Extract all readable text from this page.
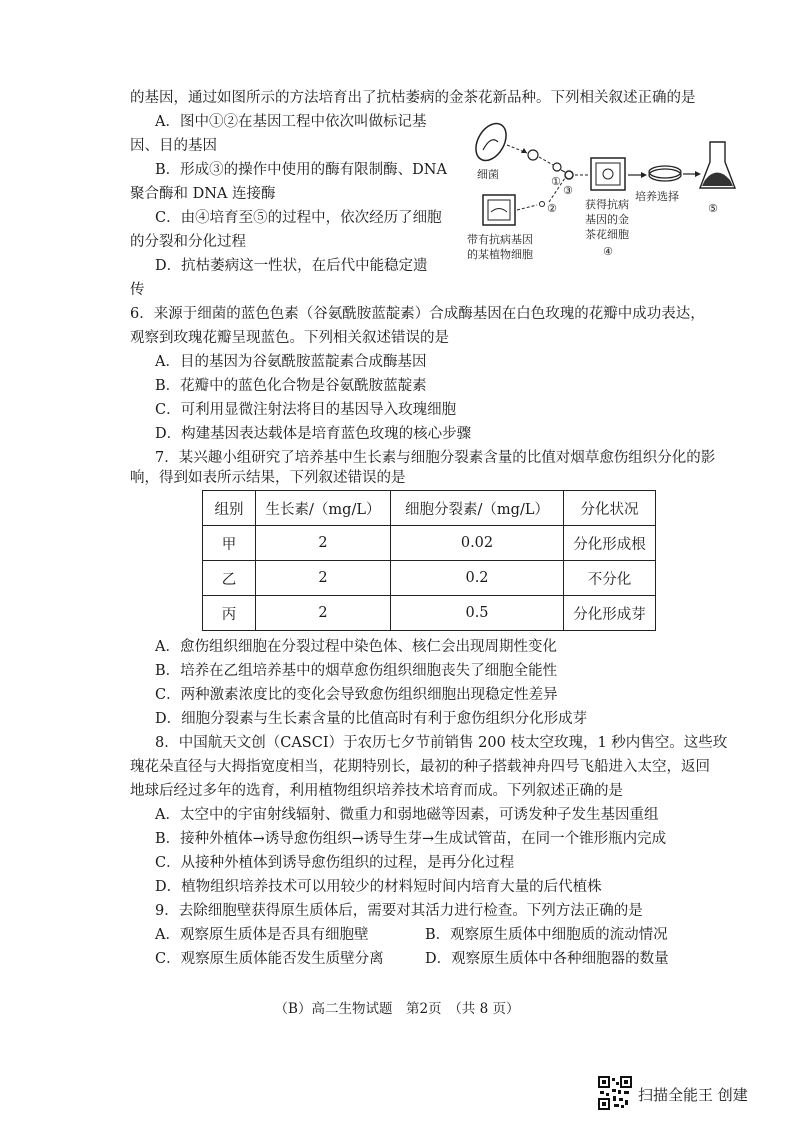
的基因，通过如图所示的方法培育出了抗枯萎病的金茶花新品种。下列相关叙述正确的是
A．图中①②在基因工程中依次叫做标记基
因、目的基因
B．形成③的操作中使用的酶有限制酶、DNA
聚合酶和 DNA 连接酶
C．由④培育至⑤的过程中，依次经历了细胞
的分裂和分化过程
D．抗枯萎病这一性状，在后代中能稳定遗
传
细菌
①
②
带有抗病基因
的某植物细胞
③
获得抗病
基因的金
茶花细胞
④
培养选择
⑤
6．来源于细菌的蓝色色素（谷氨酰胺蓝靛素）合成酶基因在白色玫瑰的花瓣中成功表达，
观察到玫瑰花瓣呈现蓝色。下列相关叙述错误的是
A．目的基因为谷氨酰胺蓝靛素合成酶基因
B．花瓣中的蓝色化合物是谷氨酰胺蓝靛素
C．可利用显微注射法将目的基因导入玫瑰细胞
D．构建基因表达载体是培育蓝色玫瑰的核心步骤
7．某兴趣小组研究了培养基中生长素与细胞分裂素含量的比值对烟草愈伤组织分化的影
响，得到如表所示结果，下列叙述错误的是
组别	生长素/（mg/L）	细胞分裂素/（mg/L）	分化状况
甲	2	0.02	分化形成根
乙	2	0.2	不分化
丙	2	0.5	分化形成芽
A．愈伤组织细胞在分裂过程中染色体、核仁会出现周期性变化
B．培养在乙组培养基中的烟草愈伤组织细胞丧失了细胞全能性
C．两种激素浓度比的变化会导致愈伤组织细胞出现稳定性差异
D．细胞分裂素与生长素含量的比值高时有利于愈伤组织分化形成芽
8．中国航天文创（CASCI）于农历七夕节前销售 200 枝太空玫瑰，1 秒内售空。这些玫
瑰花朵直径与大拇指宽度相当，花期特别长，最初的种子搭载神舟四号飞船进入太空，返回
地球后经过多年的选育，利用植物组织培养技术培育而成。下列叙述正确的是
A．太空中的宇宙射线辐射、微重力和弱地磁等因素，可诱发种子发生基因重组
B．接种外植体→诱导愈伤组织→诱导生芽→生成试管苗，在同一个锥形瓶内完成
C．从接种外植体到诱导愈伤组织的过程，是再分化过程
D．植物组织培养技术可以用较少的材料短时间内培育大量的后代植株
9．去除细胞壁获得原生质体后，需要对其活力进行检查。下列方法正确的是
A．观察原生质体是否具有细胞壁	B．观察原生质体中细胞质的流动情况
C．观察原生质体能否发生质壁分离	D．观察原生质体中各种细胞器的数量
（B）高二生物试题　第2页　（共 8 页）
扫描全能王 创建
